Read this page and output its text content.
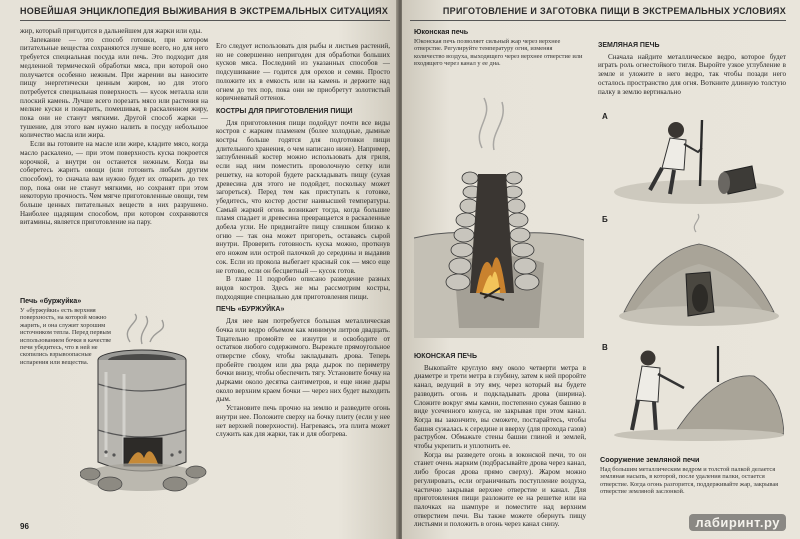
НОВЕЙШАЯ ЭНЦИКЛОПЕДИЯ ВЫЖИВАНИЯ В ЭКСТРЕМАЛЬНЫХ СИТУАЦИЯХ

жир, который пригодится в дальнейшем для жарки или еды.

Запекание — это способ готовки, при котором питательные вещества сохраняются лучше всего, но для него требуется специальная посуда или печь. Это подходит для медленной термической обработки мяса, при которой оно получается особенно нежным. При жарении вы наносите пищу энергетически ценным жиром, но для этого потребуется специальная поверхность — кусок металла или плоский камень. Лучше всего порезать мясо или растения на мелкие куски и пожарить, помешивая, в раскаленном жиру, пока они не станут мягкими. Другой способ жарки — тушение, для этого вам нужно налить в посуду небольшое количество масла или жира.

Если вы готовите на масле или жире, кладите мясо, когда масло раскалено, — при этом поверхность куска покроется корочкой, а внутри он останется нежным. Когда вы соберетесь жарить овощи (или готовить любым другим способом), то сначала вам нужно будет их отварить до тех пор, пока они не станут мягкими, но сохранят при этом некоторую прочность. Чем мягче приготовленные овощи, тем больше ценных питательных веществ в них разрушено. Наиболее щадящим способом, при котором сохраняются витамины, является приготовление на пару.

Печь «буржуйка»
У «буржуйки» есть верхняя поверхность, на которой можно жарить, и она служит хорошим источником тепла. Перед первым использованием бочки в качестве печи убедитесь, что в ней не скопились взрывоопасные испарения или вещества.

Его следует использовать для рыбы и листьев растений, но не совершенно непригоден для обработки больших кусков мяса. Последний из указанных способов — подсушивание — годится для орехов и семян. Просто положите их в емкость или на камень и держите над огнем до тех пор, пока они не приобретут золотистый коричневатый оттенок.

КОСТРЫ ДЛЯ ПРИГОТОВЛЕНИЯ ПИЩИ

Для приготовления пищи подойдут почти все виды костров с жарким пламенем (более холодные, дымные костры больше годятся для подготовки пищи длительного хранения, о чем написано ниже). Например, заглубленный костер можно использовать для гриля, если над ним поместить проволочную сетку или решетку, на которой будете раскладывать пищу (сухая древесина для этого не подойдет, поскольку может загореться). Перед тем как приступать к готовке, убедитесь, что костер достиг наивысшей температуры. Самый жаркий огонь возникает тогда, когда большие пламя спадает и древесина превращается в раскаленные добела угли. Не придвигайте пищу слишком близко к огню — так она может пригореть, оставаясь сырой внутри. Проверить готовность куска можно, проткнув его ножом или острой палочкой до середины и выдавив сок. Если из прокола выбегает красный сок — мясо еще не готово, если он бесцветный — кусок готов.

В главе 11 подробно описано разведение разных видов костров. Здесь же мы рассмотрим костры, подходящие специально для приготовления пищи.

ПЕЧЬ «БУРЖУЙКА»

Для нее вам потребуется большая металлическая бочка или ведро объемом как минимум литров двадцать. Тщательно промойте ее изнутри и освободите от остатков любого содержимого. Вырежьте прямоугольное отверстие сбоку, чтобы закладывать дрова. Теперь пробейте гвоздем или два ряда дырок по периметру бочки внизу, чтобы обеспечить тягу. Установите бочку на дырками около десятка сантиметров, и еще ниже дыры около верхним краем бочки — через них будет выходить дым.

Установите печь прочно на землю и разведите огонь внутри нее. Положите сверху на бочку плиту (если у нее нет верхней поверхности). Нагреваясь, эта плита может служить как для жарки, так и для обогрева.

96
ПРИГОТОВЛЕНИЕ И ЗАГОТОВКА ПИЩИ В ЭКСТРЕМАЛЬНЫХ УСЛОВИЯХ
Юконская печь
Юконская печь позволяет сильный жар через верхнее отверстие. Регулируйте температуру огня, изменяя количество воздуха, выходящего через верхнее отверстие или входящего через канал у ее дна.
ЮКОНСКАЯ ПЕЧЬ

Выкопайте круглую яму около четверти метра в диаметре и трети метра в глубину, затем к ней проройте канал, ведущий в эту яму, через который вы будете разводить огонь и подкладывать дрова (ширина). Сложите вокруг ямы камни, постепенно сужая башню в виде усеченного конуса, не закрывая при этом канал. Когда вы закончите, вы сможете, постарайтесь, чтобы башня сужалась к середине и вверху (для прохода газов) раструбом. Обмажьте стены башни глиной и землей, чтобы укрепить и уплотнить ее.

Когда вы разведете огонь в юконской печи, то он станет очень жарким (подбрасывайте дрова через канал, либо бросая дрова прямо сверху). Жаром можно регулировать, если ограничивать поступление воздуха, частично закрывая верхнее отверстие и канал. Для приготовления пищи разложите ее на решетке или на палочках на шампуре и поместите над верхним отверстием печи. Вы также можете обернуть пищу листьями и положить в огонь через канал снизу.

ЗЕМЛЯНАЯ ПЕЧЬ

Сначала найдите металлическое ведро, которое будет играть роль огнестойкого тигля. Выройте узкое углубление в земле и уложите в него ведро, так чтобы позади него осталось пространство для огня. Воткните длинную толстую палку в землю вертикально

А
Б
В
Сооружение земляной печи
Над большим металлическим ведром и толстой палкой делается земляная насыпь, в которой, после удаления палки, остается отверстие. Когда огонь разгорится, поддерживайте жар, закрывая отверстие земляной заслонкой.
лабиринт.ру
